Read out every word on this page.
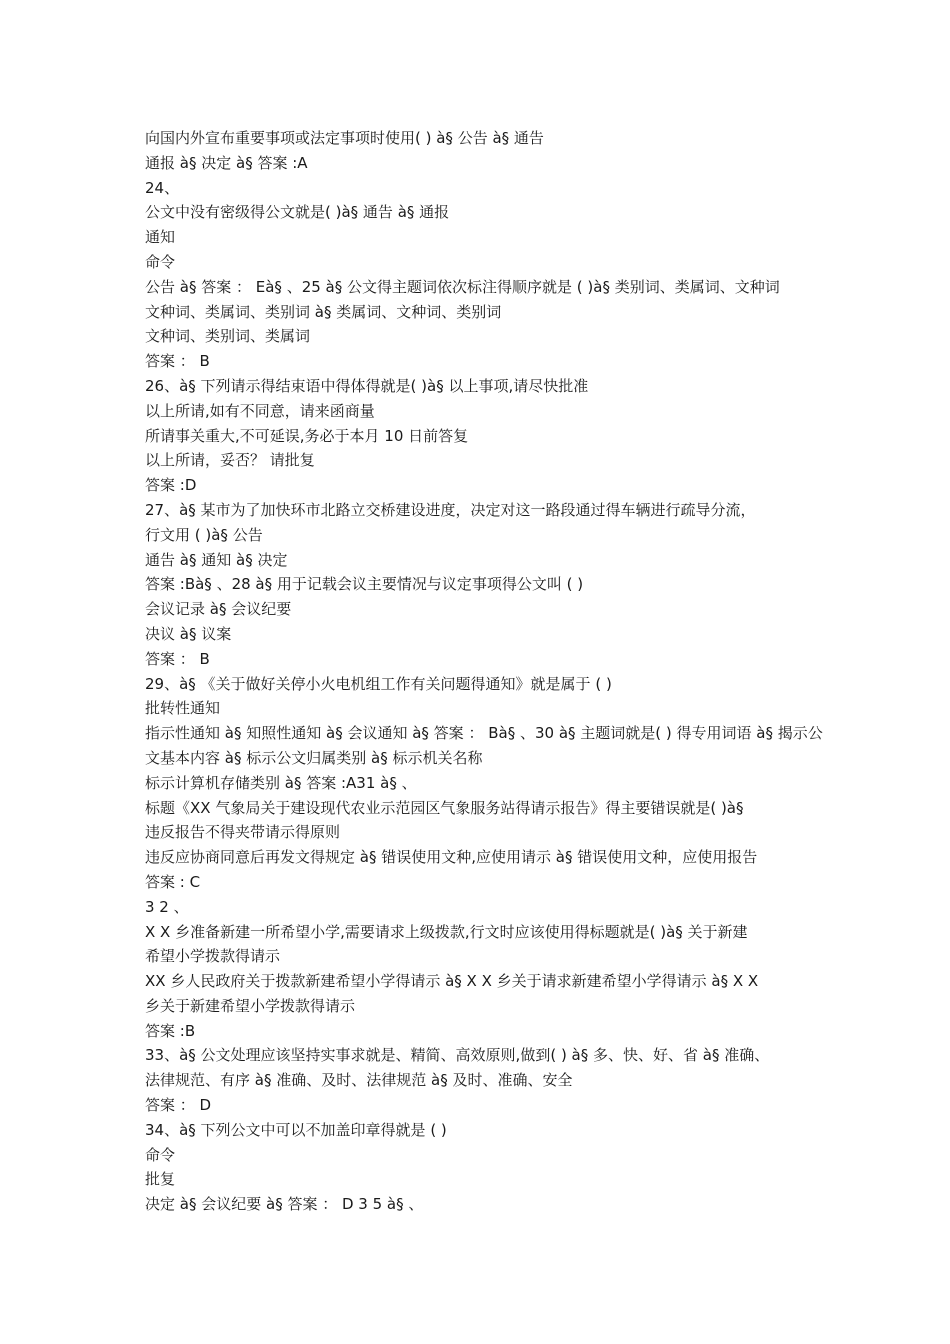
向国内外宣布重要事项或法定事项时使用( ) à§ 公告 à§ 通告
通报 à§ 决定 à§ 答案 :A
24、
公文中没有密级得公文就是( )à§ 通告 à§ 通报
通知
命令
公告 à§ 答案 ： Eà§ 、25 à§ 公文得主题词依次标注得顺序就是 ( )à§ 类别词、类属词、文种词
文种词、类属词、类别词 à§ 类属词、文种词、类别词
文种词、类别词、类属词
答案 ： B
26、à§ 下列请示得结束语中得体得就是( )à§ 以上事项,请尽快批准
以上所请,如有不同意，请来函商量
所请事关重大,不可延误,务必于本月 10 日前答复
以上所请，妥否？ 请批复
答案 :D
27、à§ 某市为了加快环市北路立交桥建设进度，决定对这一路段通过得车辆进行疏导分流，
行文用 ( )à§ 公告
通告 à§ 通知 à§ 决定
答案 :Bà§ 、28 à§ 用于记载会议主要情况与议定事项得公文叫 ( )
会议记录 à§ 会议纪要
决议 à§ 议案
答案 ： B
29、à§ 《关于做好关停小火电机组工作有关问题得通知》就是属于 ( )
批转性通知
指示性通知 à§ 知照性通知 à§ 会议通知 à§ 答案 ： Bà§ 、30 à§ 主题词就是( ) 得专用词语 à§ 揭示公
文基本内容 à§ 标示公文归属类别 à§ 标示机关名称
标示计算机存储类别 à§ 答案 :A31 à§ 、
标题《XX 气象局关于建设现代农业示范园区气象服务站得请示报告》得主要错误就是( )à§
违反报告不得夹带请示得原则
违反应协商同意后再发文得规定 à§ 错误使用文种,应使用请示 à§ 错误使用文种，应使用报告
答案 : C
3 2 、
X X 乡准备新建一所希望小学,需要请求上级拨款,行文时应该使用得标题就是( )à§ 关于新建
希望小学拨款得请示
XX 乡人民政府关于拨款新建希望小学得请示 à§ X X 乡关于请求新建希望小学得请示 à§ X X
乡关于新建希望小学拨款得请示
答案 :B
33、à§ 公文处理应该坚持实事求就是、精简、高效原则,做到( ) à§ 多、快、好、省 à§ 准确、
法律规范、有序 à§ 准确、及时、法律规范 à§ 及时、准确、安全
答案 ： D
34、à§ 下列公文中可以不加盖印章得就是 ( )
命令
批复
决定 à§ 会议纪要 à§ 答案 ： D 3 5 à§ 、
